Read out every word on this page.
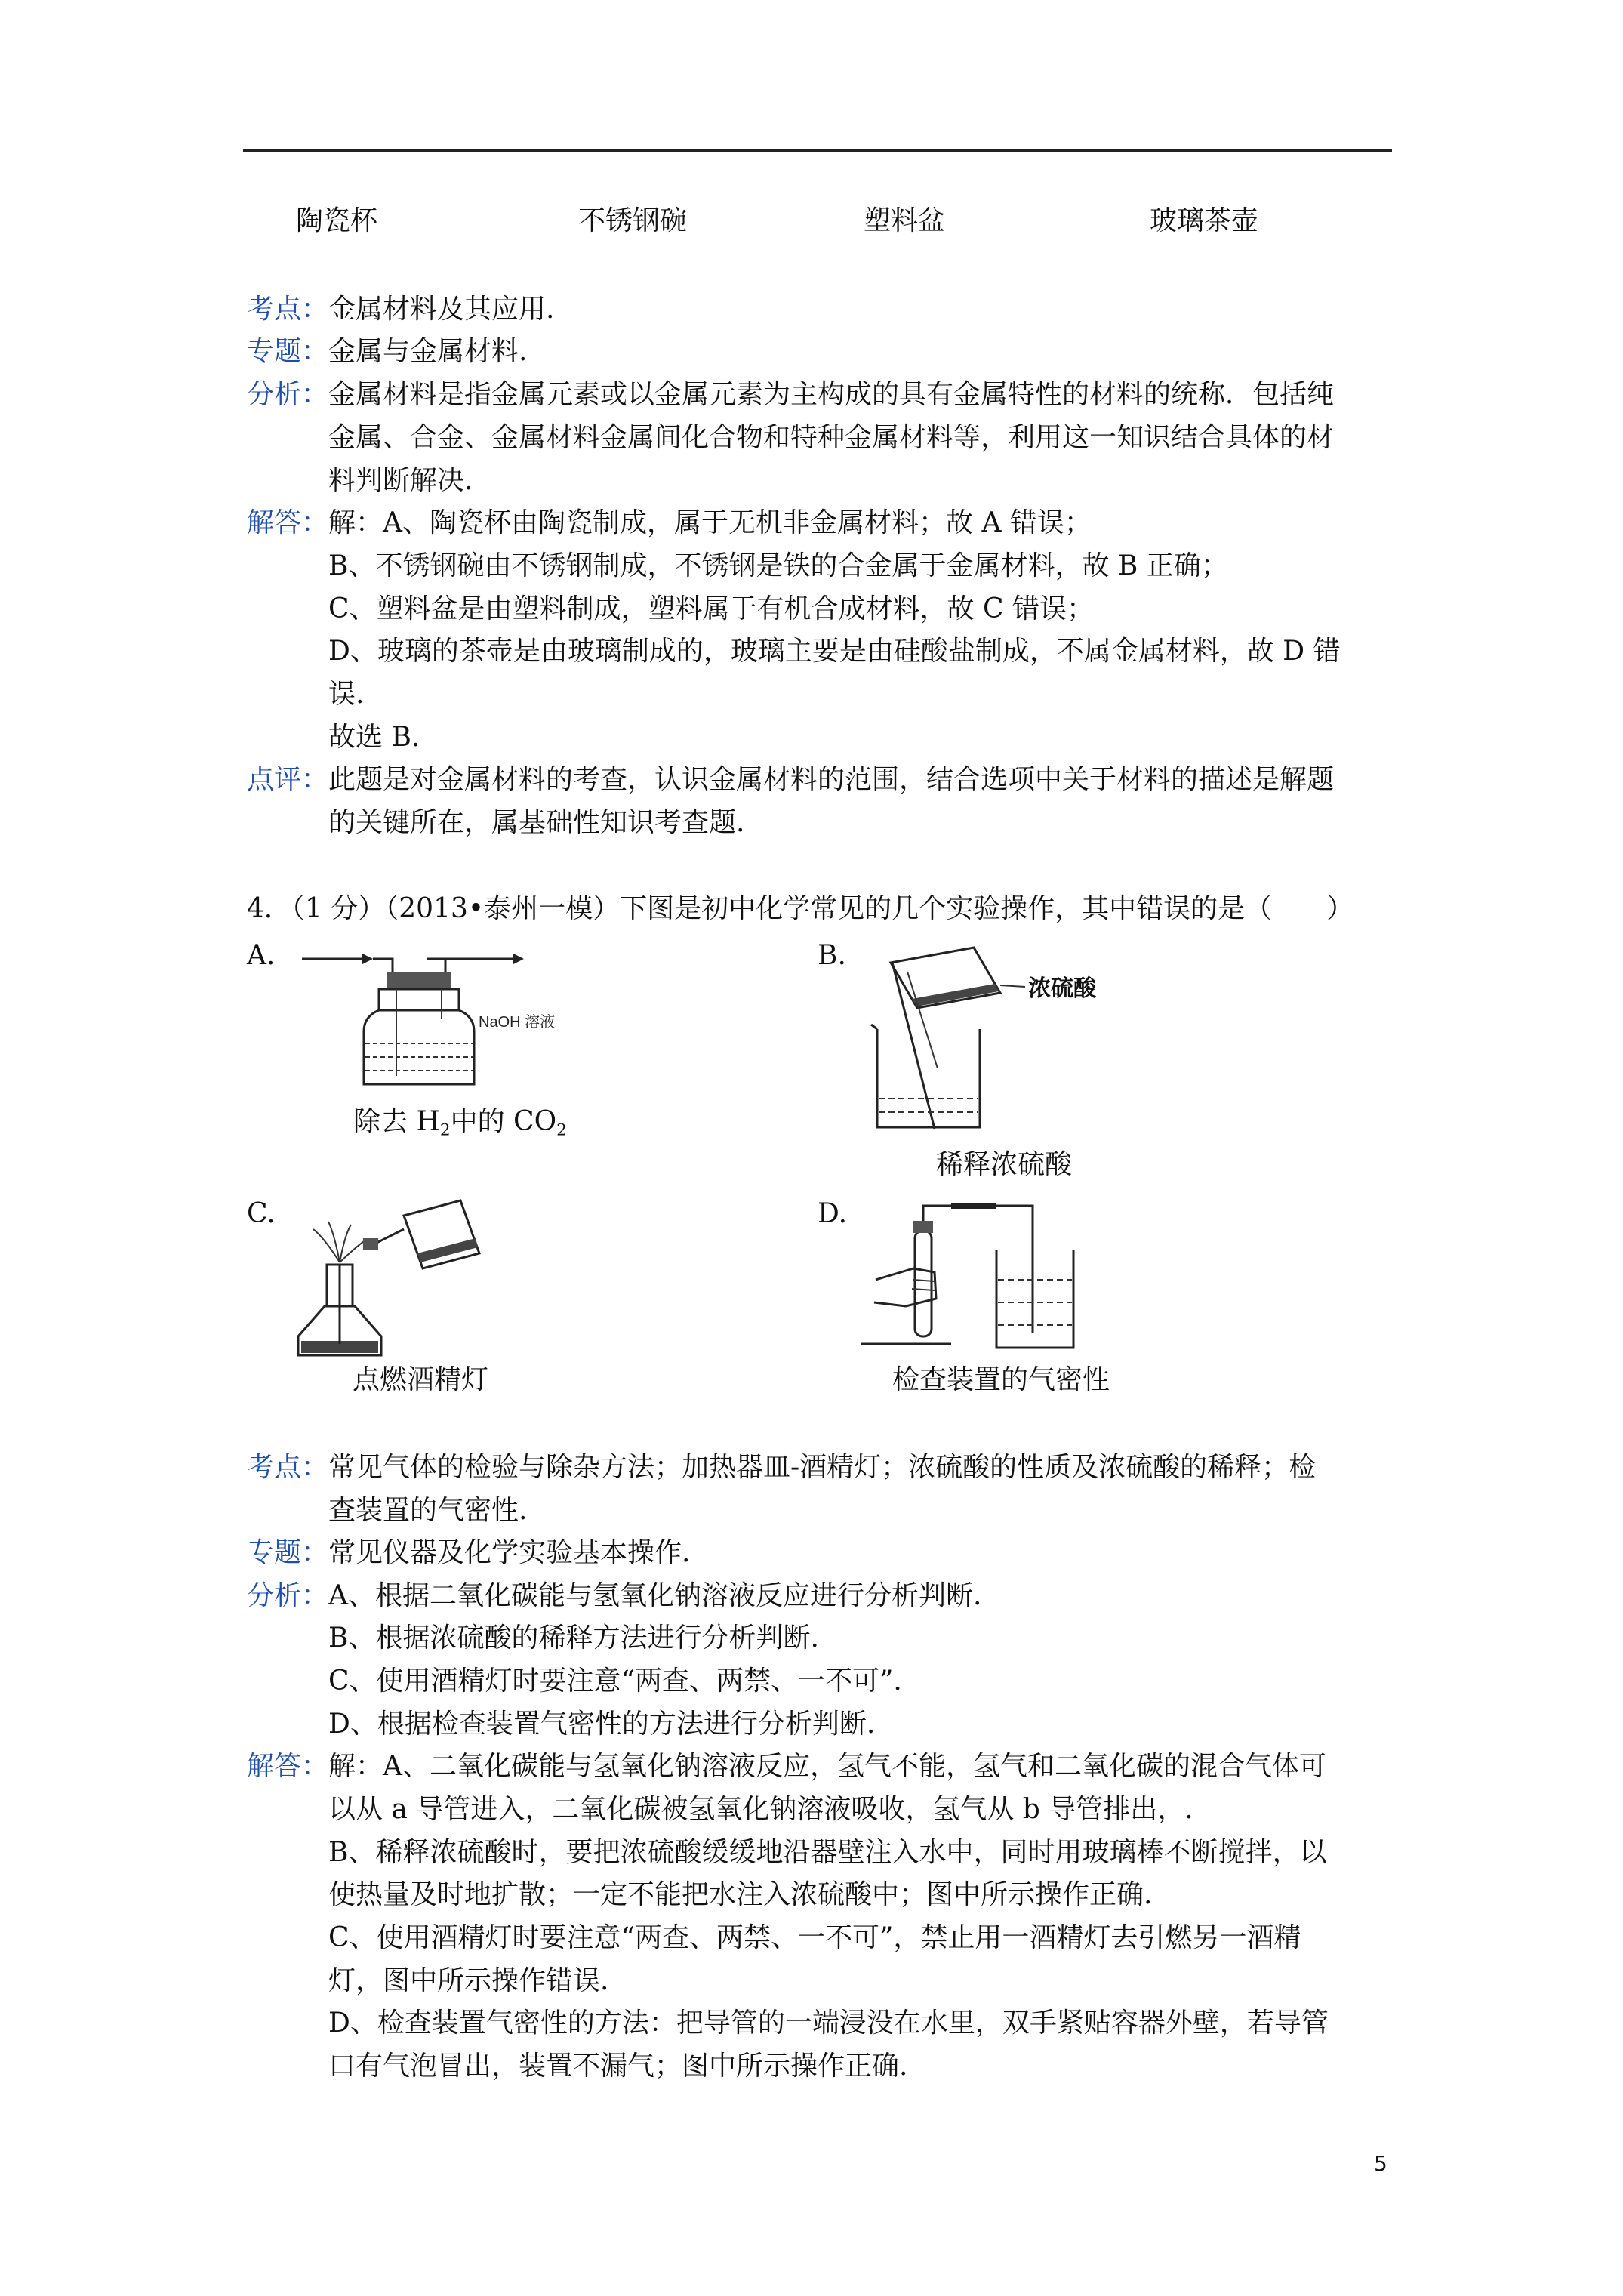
陶瓷杯	不锈钢碗	塑料盆	玻璃茶壶
考点： 金属材料及其应用.
专题： 金属与金属材料.
分析： 金属材料是指金属元素或以金属元素为主构成的具有金属特性的材料的统称．包括纯
金属、合金、金属材料金属间化合物和特种金属材料等，利用这一知识结合具体的材
料判断解决.
解答： 解：A、陶瓷杯由陶瓷制成，属于无机非金属材料；故 A 错误；
B、不锈钢碗由不锈钢制成，不锈钢是铁的合金属于金属材料，故 B 正确；
C、塑料盆是由塑料制成，塑料属于有机合成材料，故 C 错误；
D、玻璃的茶壶是由玻璃制成的，玻璃主要是由硅酸盐制成，不属金属材料，故 D 错
误.
故选 B.
点评： 此题是对金属材料的考查，认识金属材料的范围，结合选项中关于材料的描述是解题
的关键所在，属基础性知识考查题.
4．（1 分）（2013•泰州一模）下图是初中化学常见的几个实验操作，其中错误的是（　　）
A.
NaOH 溶液
除去 $H_2$中的 $CO_2$
B.
浓硫酸
稀释浓硫酸
C.
点燃酒精灯
D.
检查装置的气密性
考点： 常见气体的检验与除杂方法；加热器皿-酒精灯；浓硫酸的性质及浓硫酸的稀释；检
查装置的气密性.
专题： 常见仪器及化学实验基本操作.
分析： A、根据二氧化碳能与氢氧化钠溶液反应进行分析判断.
B、根据浓硫酸的稀释方法进行分析判断.
C、使用酒精灯时要注意“两查、两禁、一不可”.
D、根据检查装置气密性的方法进行分析判断.
解答： 解：A、二氧化碳能与氢氧化钠溶液反应，氢气不能，氢气和二氧化碳的混合气体可
以从 a 导管进入，二氧化碳被氢氧化钠溶液吸收，氢气从 b 导管排出，.
B、稀释浓硫酸时，要把浓硫酸缓缓地沿器壁注入水中，同时用玻璃棒不断搅拌，以
使热量及时地扩散；一定不能把水注入浓硫酸中；图中所示操作正确.
C、使用酒精灯时要注意“两查、两禁、一不可”，禁止用一酒精灯去引燃另一酒精
灯，图中所示操作错误.
D、检查装置气密性的方法：把导管的一端浸没在水里，双手紧贴容器外壁，若导管
口有气泡冒出，装置不漏气；图中所示操作正确.
5
